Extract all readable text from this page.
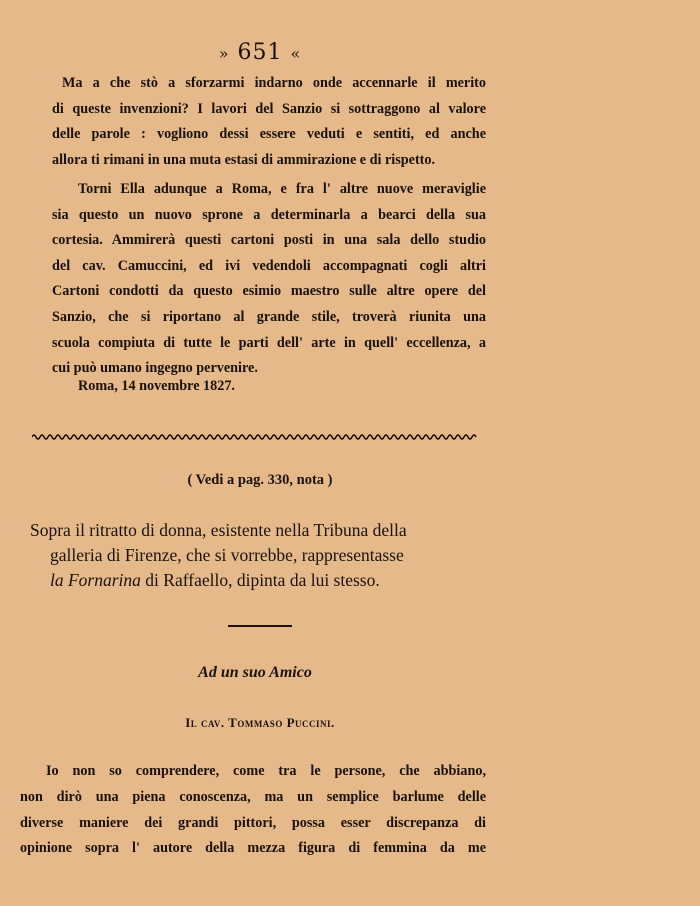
» 651 «
Ma a che stò a sforzarmi indarno onde accennarle il merito
di queste invenzioni? I lavori del Sanzio si sottraggono al valore
delle parole : vogliono dessi essere veduti e sentiti, ed anche
allora ti rimani in una muta estasi di ammirazione e di rispetto.
Torni Ella adunque a Roma, e fra l' altre nuove meraviglie
sia questo un nuovo sprone a determinarla a bearci della sua
cortesia. Ammirerà questi cartoni posti in una sala dello studio
del cav. Camuccini, ed ivi vedendoli accompagnati cogli altri
Cartoni condotti da questo esimio maestro sulle altre opere del
Sanzio, che si riportano al grande stile, troverà riunita una
scuola compiuta di tutte le parti dell' arte in quell' eccellenza, a
cui può umano ingegno pervenire.
Roma, 14 novembre 1827.
( Vedi a pag. 330, nota )
Sopra il ritratto di donna, esistente nella Tribuna della
galleria di Firenze, che si vorrebbe, rappresentasse
la Fornarina di Raffaello, dipinta da lui stesso.
Ad un suo Amico
Il cav. Tommaso Puccini.
Io non so comprendere, come tra le persone, che abbiano,
non dirò una piena conoscenza, ma un semplice barlume delle
diverse maniere dei grandi pittori, possa esser discrepanza di
opinione sopra l' autore della mezza figura di femmina da me
